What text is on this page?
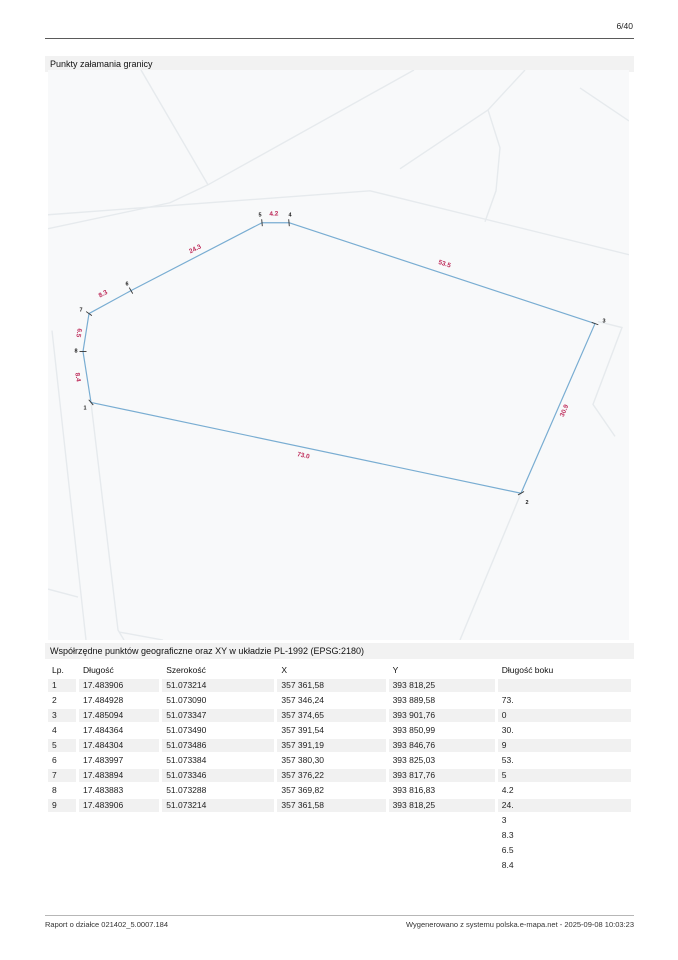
6/40
Punkty załamania granicy
1
2
3
4
5
6
7
8
73.0
30.9
53.5
4.2
24.3
8.3
6.5
8.4
Współrzędne punktów geograficzne oraz XY w układzie PL-1992 (EPSG:2180)
Lp.	Długość	Szerokość	X	Y	Długość boku
1	17.483906	51.073214	357 361,58	393 818,25	
2	17.484928	51.073090	357 346,24	393 889,58	73.
3	17.485094	51.073347	357 374,65	393 901,76	0
4	17.484364	51.073490	357 391,54	393 850,99	30.
5	17.484304	51.073486	357 391,19	393 846,76	9
6	17.483997	51.073384	357 380,30	393 825,03	53.
7	17.483894	51.073346	357 376,22	393 817,76	5
8	17.483883	51.073288	357 369,82	393 816,83	4.2
9	17.483906	51.073214	357 361,58	393 818,25	24.
					3
					8.3
					6.5
					8.4
Raport o działce 021402_5.0007.184	Wygenerowano z systemu polska.e-mapa.net - 2025-09-08 10:03:23
